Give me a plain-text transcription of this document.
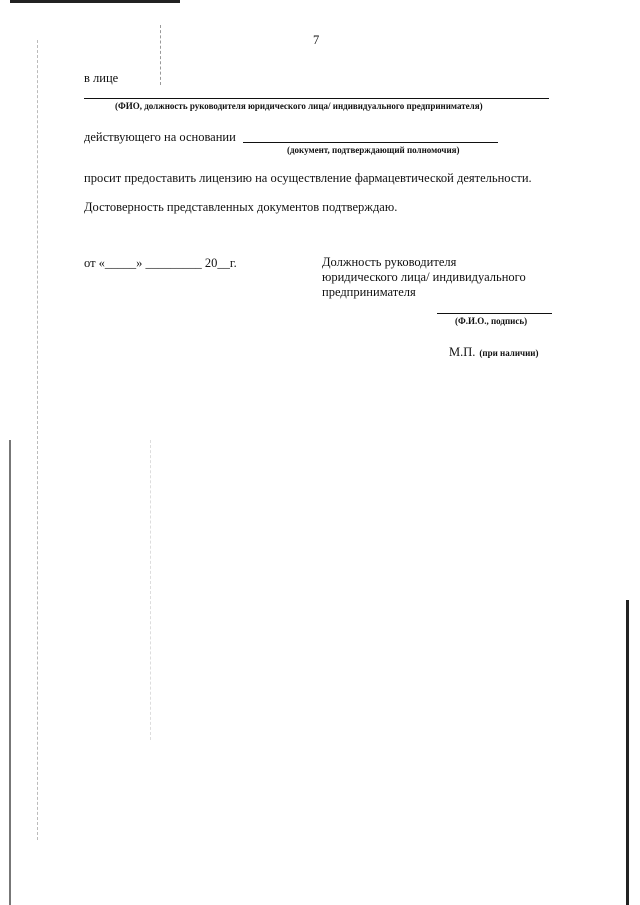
7
в лице
(ФИО, должность руководителя юридического лица/ индивидуального предпринимателя)
действующего на основании
(документ, подтверждающий полномочия)
просит предоставить лицензию на осуществление фармацевтической деятельности.
Достоверность представленных документов подтверждаю.
от «_____» _________ 20__г.	Должность руководителя
юридического лица/ индивидуального
предпринимателя
(Ф.И.О., подпись)
М.П. (при наличии)
